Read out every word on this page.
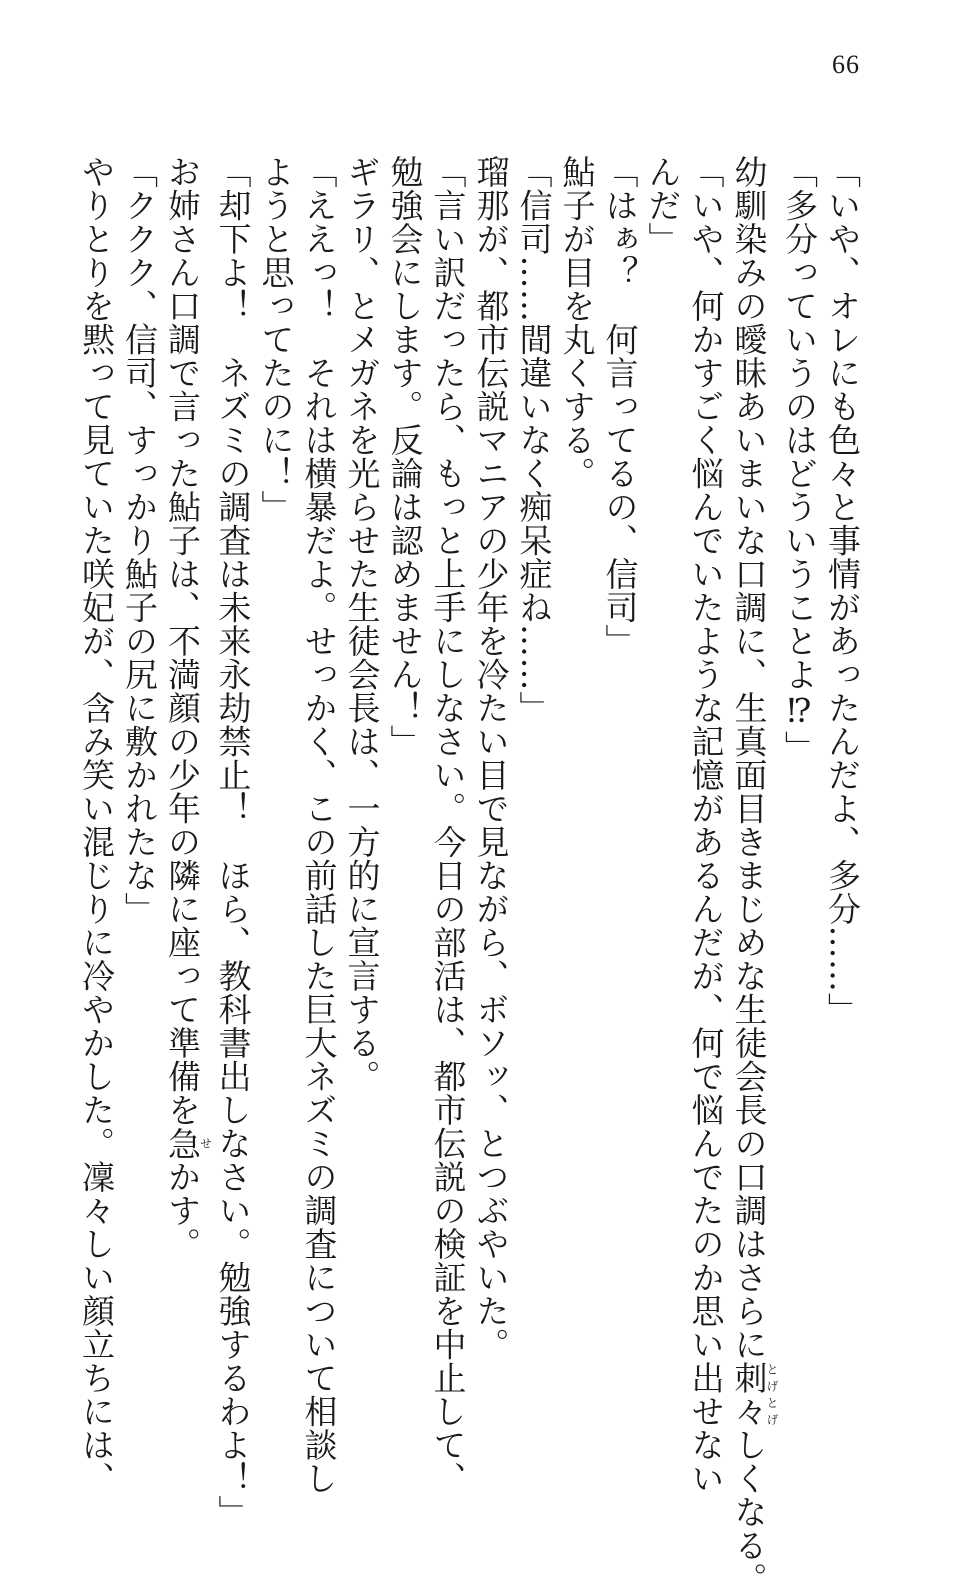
66
「いや、オレにも色々と事情があったんだよ、多分……」
「多分っていうのはどういうことよ⁉」
幼馴染みの曖昧あいまいな口調に、生真面目きまじめな生徒会長の口調はさらに刺々とげとげしくなる。
「いや、何かすごく悩んでいたような記憶があるんだが、何で悩んでたのか思い出せない
んだ」
「はぁ？　何言ってるの、信司」
鮎子が目を丸くする。
「信司……間違いなく痴呆症ね……」
瑠那が、都市伝説マニアの少年を冷たい目で見ながら、ボソッ、とつぶやいた。
「言い訳だったら、もっと上手にしなさい。今日の部活は、都市伝説の検証を中止して、
勉強会にします。反論は認めません！」
ギラリ、とメガネを光らせた生徒会長は、一方的に宣言する。
「ええっ！　それは横暴だよ。せっかく、この前話した巨大ネズミの調査について相談し
ようと思ってたのに！」
「却下よ！　ネズミの調査は未来永劫禁止！　ほら、教科書出しなさい。勉強するわよ！」
お姉さん口調で言った鮎子は、不満顔の少年の隣に座って準備を急せかす。
「ククク、信司、すっかり鮎子の尻に敷かれたな」
やりとりを黙って見ていた咲妃が、含み笑い混じりに冷やかした。凜々しい顔立ちには、
